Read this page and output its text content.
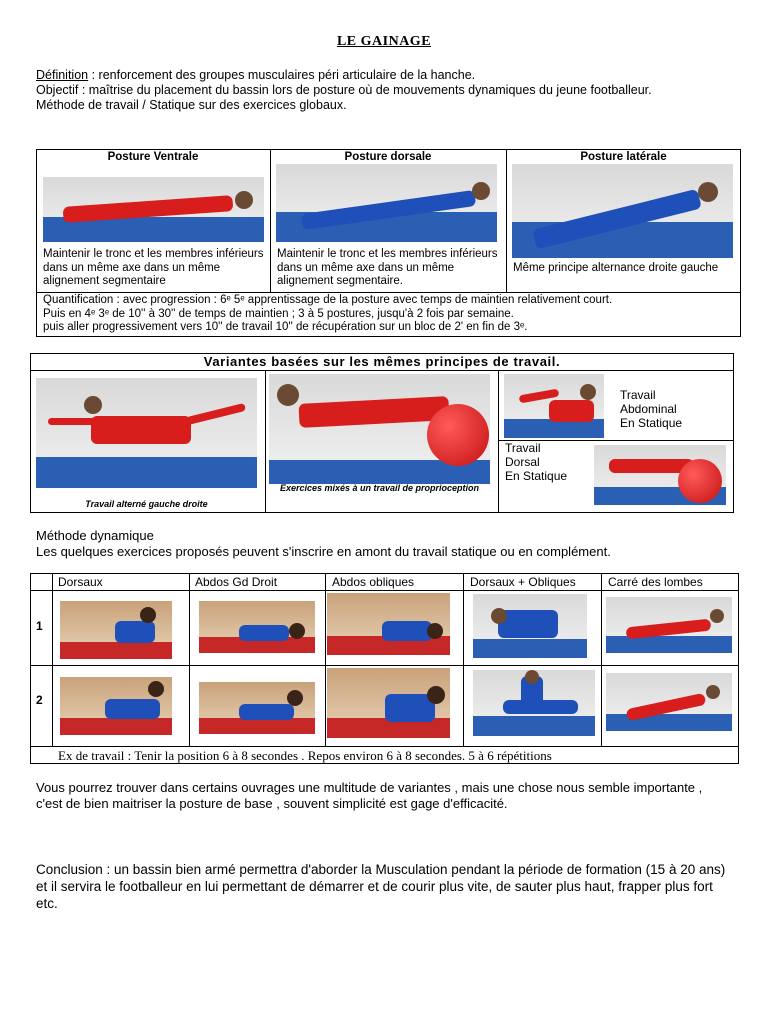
LE GAINAGE
Définition : renforcement des groupes musculaires péri articulaire de la hanche.
Objectif : maîtrise du placement du bassin lors de posture où de mouvements dynamiques du jeune footballeur.
Méthode de travail / Statique sur des exercices globaux.
Posture Ventrale	Posture dorsale	Posture latérale
Maintenir le tronc et les membres inférieurs dans un même axe dans un même alignement segmentaire
Maintenir le tronc et les membres inférieurs dans un même axe dans un même alignement segmentaire.
Même principe alternance droite gauche
Quantification : avec progression : 6ᵉ 5ᵉ apprentissage de la posture avec temps de maintien relativement court.
Puis en 4ᵉ 3ᵉ de 10'' à 30'' de temps de maintien ; 3 à 5 postures, jusqu'à 2 fois par semaine.
puis aller progressivement vers 10'' de travail 10'' de récupération sur un bloc de 2' en fin de 3ᵉ.
Variantes basées sur les mêmes principes de travail.
Travail alterné gauche droite
Exercices mixés à un travail de proprioception
Travail
Abdominal
En Statique
Travail
Dorsal
En Statique
Méthode dynamique
Les quelques exercices proposés peuvent s'inscrire en amont du travail statique ou en complément.
Dorsaux	Abdos Gd Droit	Abdos obliques	Dorsaux + Obliques	Carré des lombes
1
2
Ex de travail : Tenir la position 6 à 8 secondes . Repos environ 6 à 8 secondes. 5 à 6 répétitions
Vous pourrez trouver dans certains ouvrages une multitude de variantes , mais une chose nous semble importante , c'est de bien maitriser la posture de base , souvent simplicité est gage d'efficacité.
Conclusion : un bassin bien armé permettra d'aborder la Musculation pendant la période de formation (15 à 20 ans) et il servira le footballeur en lui permettant de démarrer et de courir plus vite, de sauter plus haut, frapper plus fort etc.
